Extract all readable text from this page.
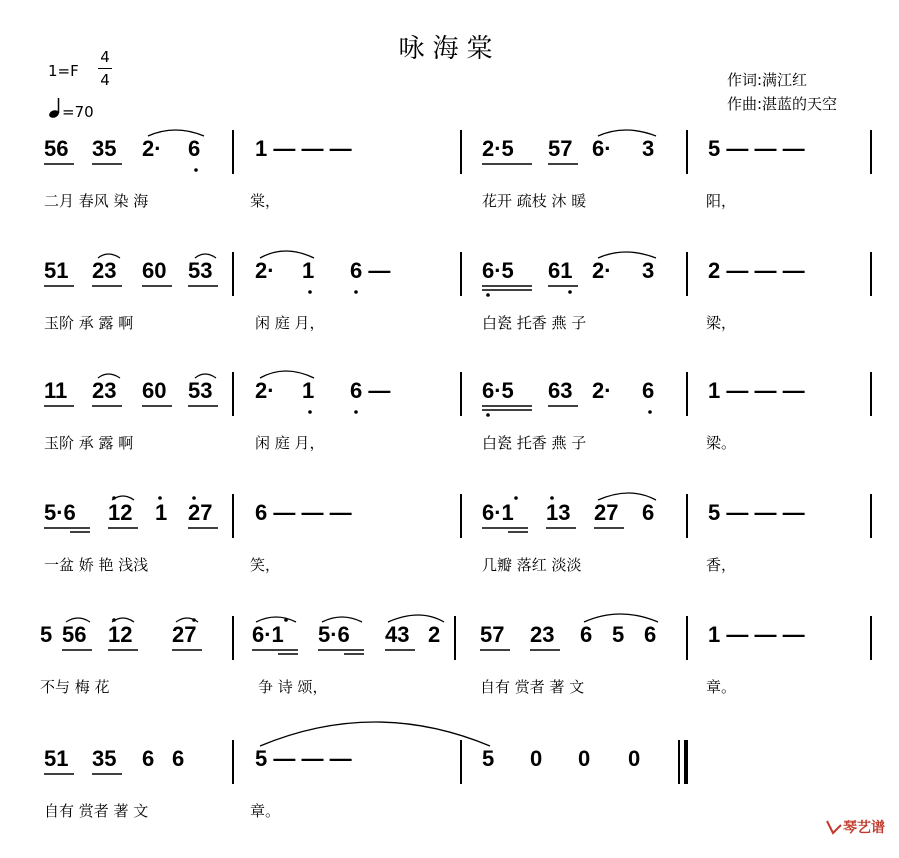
咏海棠
1=F
4
4
=70
作词:满江红
作曲:湛蓝的天空
56 35 2· 6 1 — — —	2·5 57 6· 3 5 — — —
二月 春风 染 海	棠，	花开 疏枝 沐 暖	阳，
51 23 60 53 2· 1 6 —	6·5 61 2· 3 2 — — —
玉阶 承 露 啊	闲 庭 月，	白瓷 托香 燕 子	梁，
11 23 60 53 2· 1 6 —	6·5 63 2· 6 1 — — —
玉阶 承 露 啊	闲 庭 月，	白瓷 托香 燕 子	梁。
5·6 12 1 27 6 — — —	6·1 13 27 6 5 — — —
一盆 娇 艳 浅浅	笑，	几瓣 落红 淡淡	香，
5 56 12 27	6·1 5·6 43 2 57 23 6 5 6 1 — — —
不与 梅 花	争 诗 颂，	自有 赏者 著 文	章。
51 35 6 6	5 — — —	5 0 0 0
自有 赏者 著 文	章。
琴艺谱
